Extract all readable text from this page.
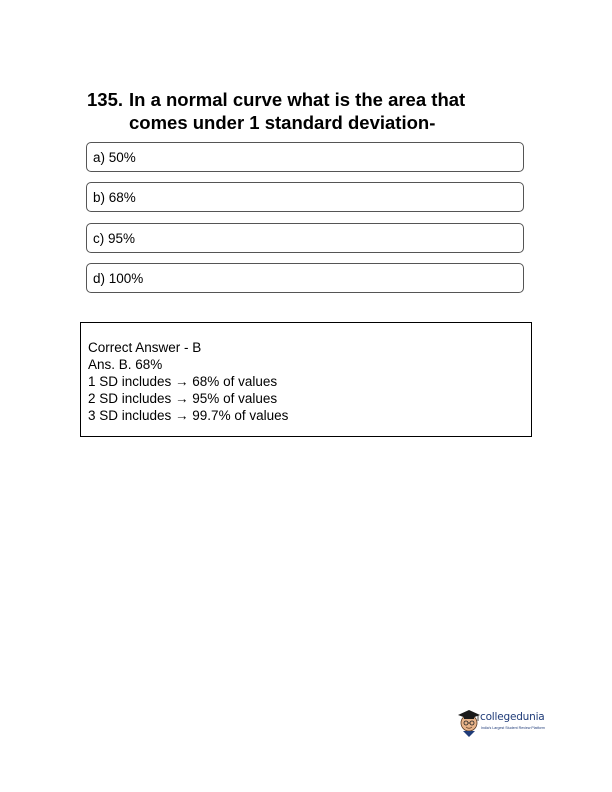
135. In a normal curve what is the area that
comes under 1 standard deviation-
a) 50%
b) 68%
c) 95%
d) 100%
Correct Answer - B
Ans. B. 68%
1 SD includes → 68% of values
2 SD includes → 95% of values
3 SD includes → 99.7% of values
collegedunia
India's Largest Student Review Platform
